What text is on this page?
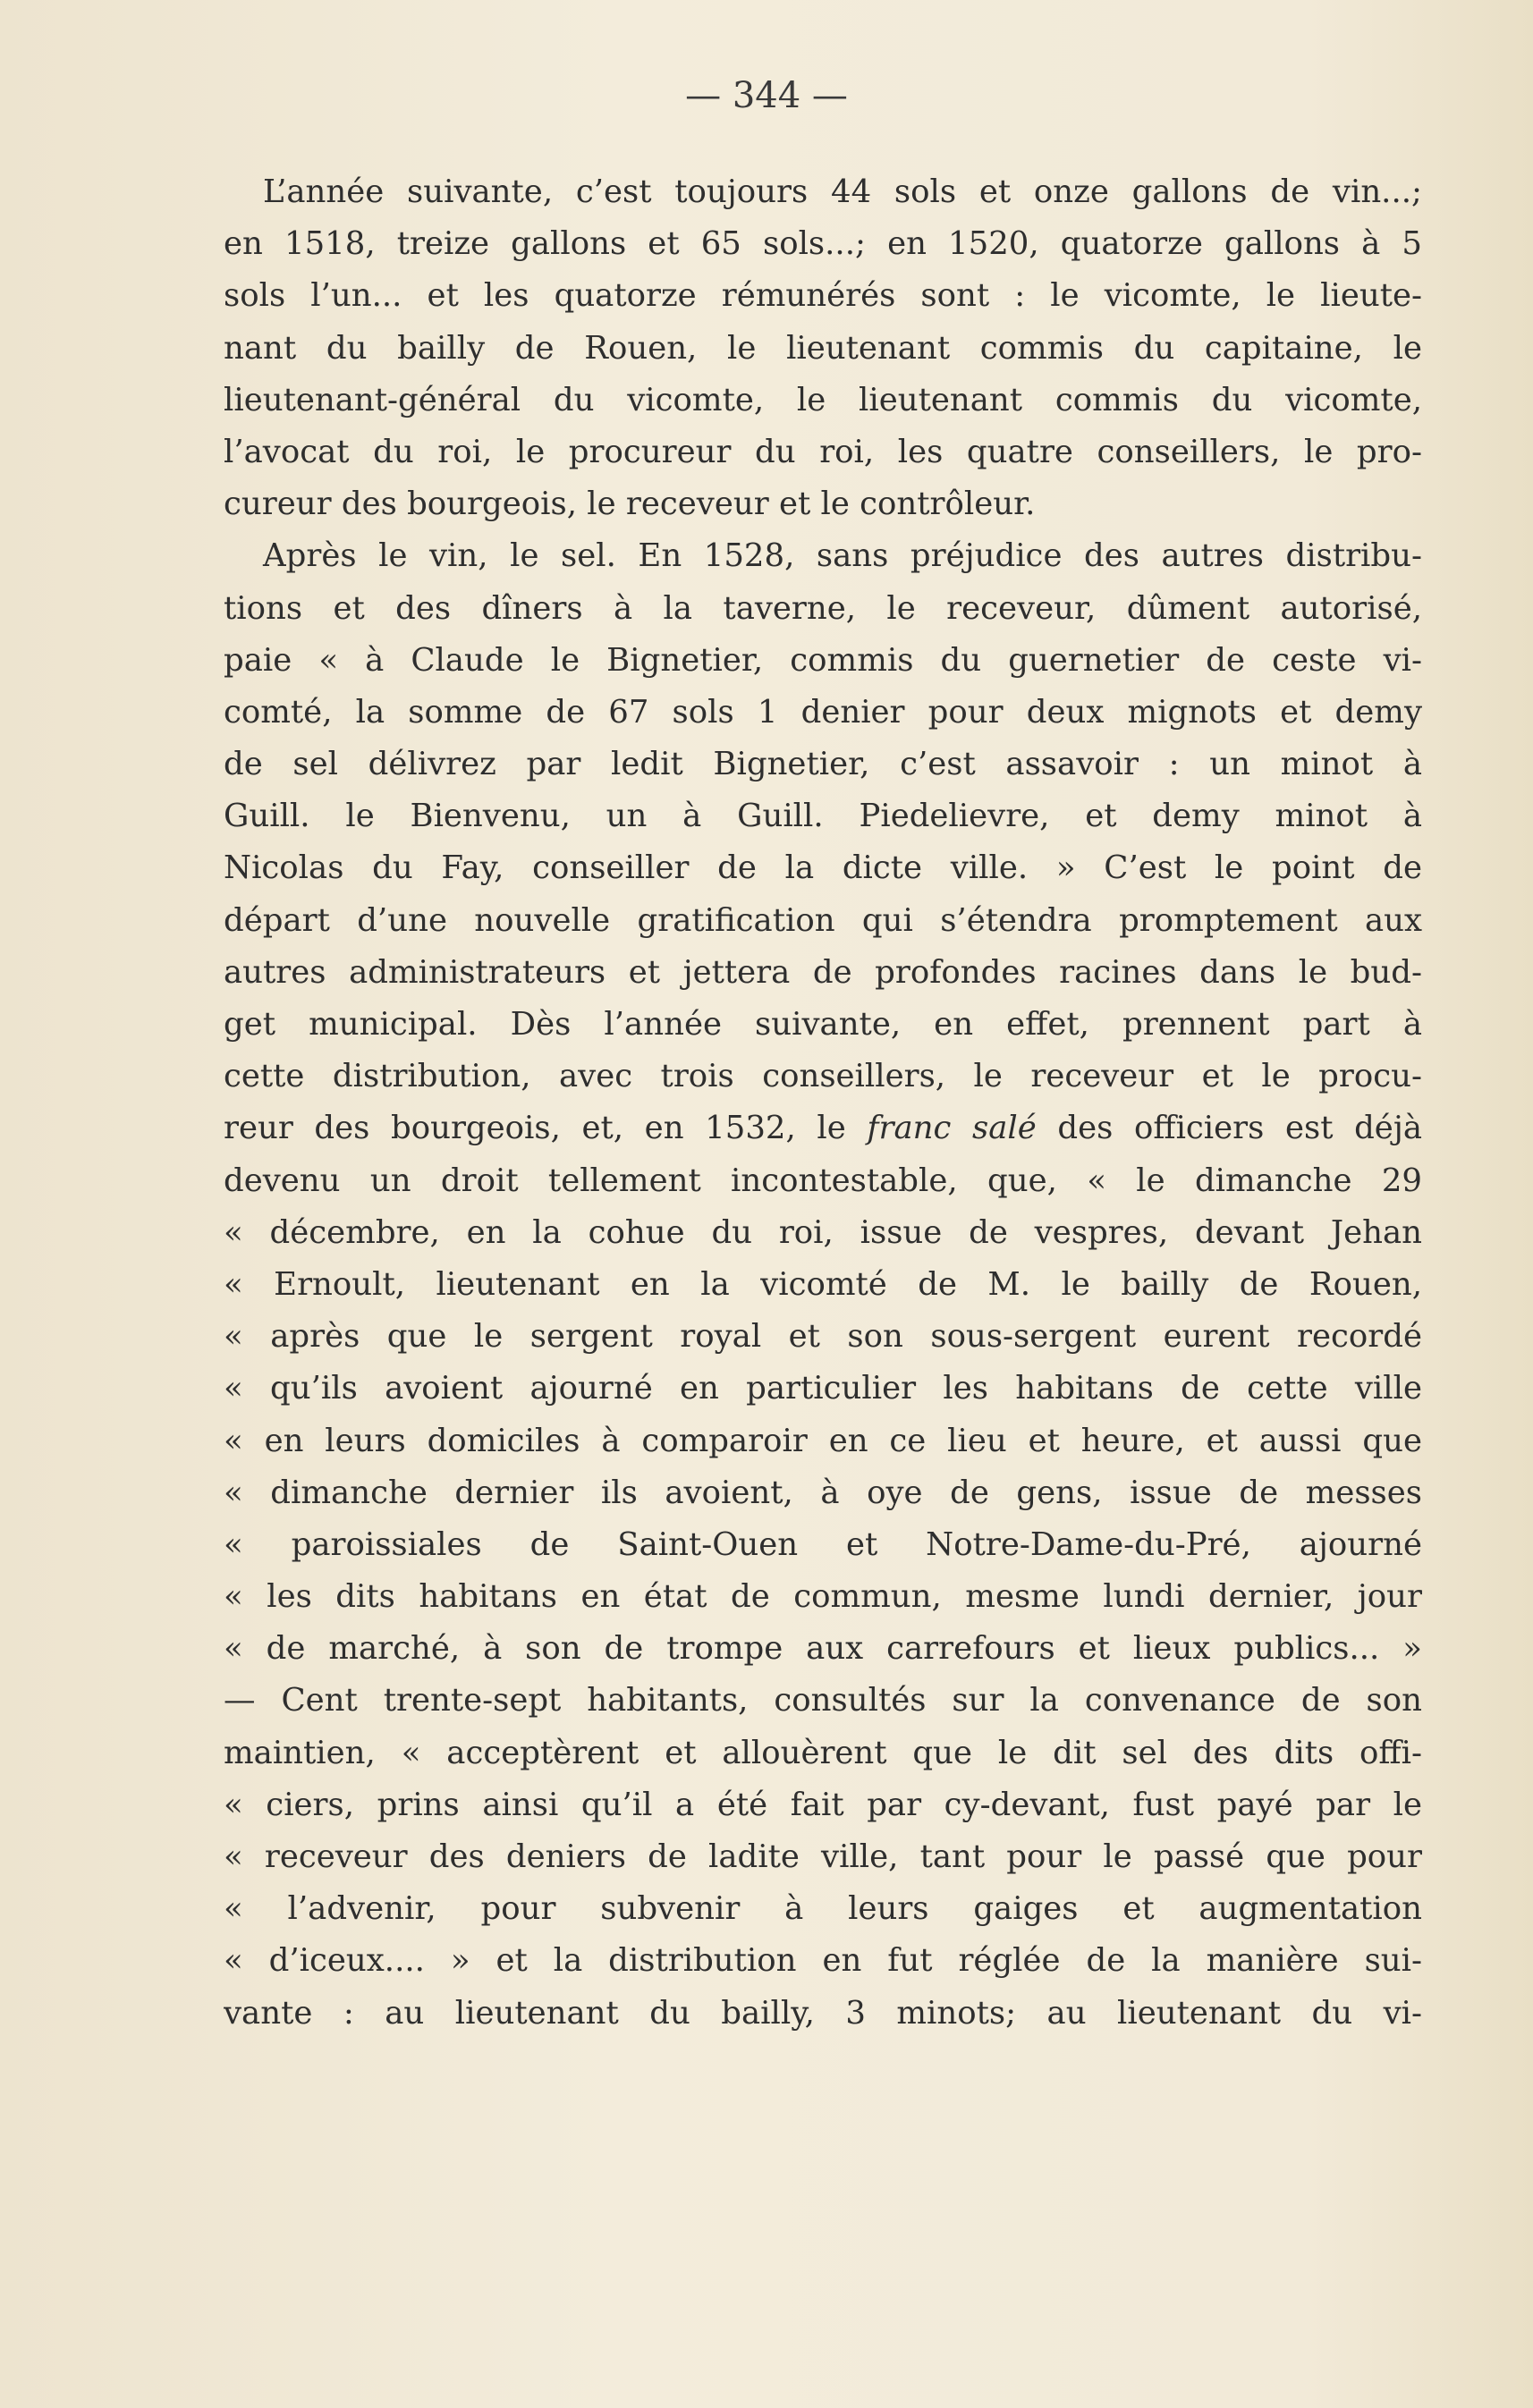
— 344 —
L’année suivante, c’est toujours 44 sols et onze gallons de vin...;
en 1518, treize gallons et 65 sols...; en 1520, quatorze gallons à 5
sols l’un... et les quatorze rémunérés sont : le vicomte, le lieute-
nant du bailly de Rouen, le lieutenant commis du capitaine, le
lieutenant-général du vicomte, le lieutenant commis du vicomte,
l’avocat du roi, le procureur du roi, les quatre conseillers, le pro-
cureur des bourgeois, le receveur et le contrôleur.
Après le vin, le sel. En 1528, sans préjudice des autres distribu-
tions et des dîners à la taverne, le receveur, dûment autorisé,
paie « à Claude le Bignetier, commis du guernetier de ceste vi-
comté, la somme de 67 sols 1 denier pour deux mignots et demy
de sel délivrez par ledit Bignetier, c’est assavoir : un minot à
Guill. le Bienvenu, un à Guill. Piedelievre, et demy minot à
Nicolas du Fay, conseiller de la dicte ville. » C’est le point de
départ d’une nouvelle gratification qui s’étendra promptement aux
autres administrateurs et jettera de profondes racines dans le bud-
get municipal. Dès l’année suivante, en effet, prennent part à
cette distribution, avec trois conseillers, le receveur et le procu-
reur des bourgeois, et, en 1532, le franc salé des officiers est déjà
devenu un droit tellement incontestable, que, « le dimanche 29
« décembre, en la cohue du roi, issue de vespres, devant Jehan
« Ernoult, lieutenant en la vicomté de M. le bailly de Rouen,
« après que le sergent royal et son sous-sergent eurent recordé
« qu’ils avoient ajourné en particulier les habitans de cette ville
« en leurs domiciles à comparoir en ce lieu et heure, et aussi que
« dimanche dernier ils avoient, à oye de gens, issue de messes
« paroissiales de Saint-Ouen et Notre-Dame-du-Pré, ajourné
« les dits habitans en état de commun, mesme lundi dernier, jour
« de marché, à son de trompe aux carrefours et lieux publics... »
— Cent trente-sept habitants, consultés sur la convenance de son
maintien, « acceptèrent et allouèrent que le dit sel des dits offi-
« ciers, prins ainsi qu’il a été fait par cy-devant, fust payé par le
« receveur des deniers de ladite ville, tant pour le passé que pour
« l’advenir, pour subvenir à leurs gaiges et augmentation
« d’iceux.... » et la distribution en fut réglée de la manière sui-
vante : au lieutenant du bailly, 3 minots; au lieutenant du vi-
